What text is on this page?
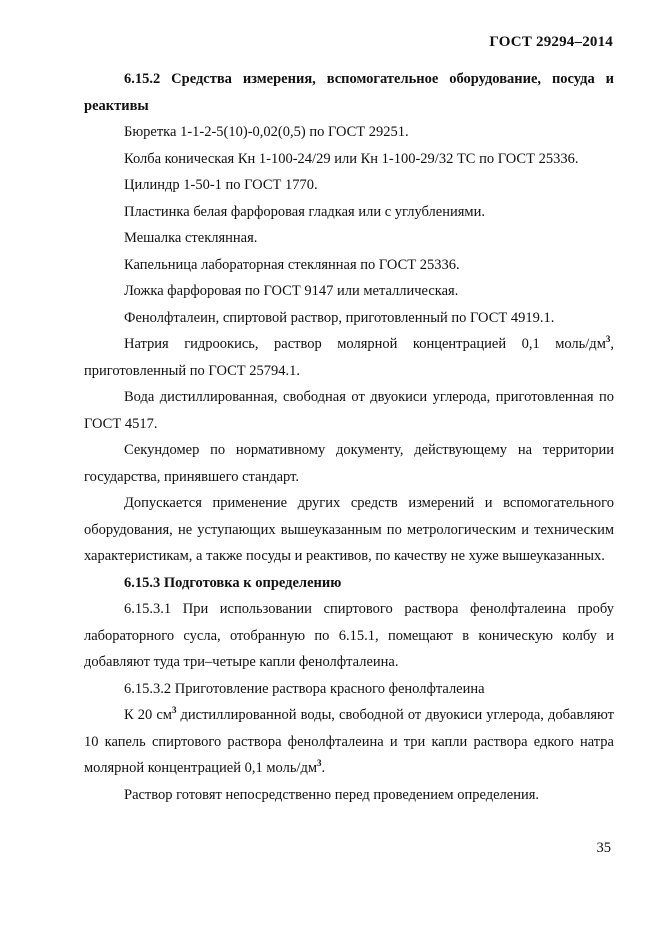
ГОСТ 29294–2014

6.15.2 Средства измерения, вспомогательное оборудование, посуда и реактивы

Бюретка 1-1-2-5(10)-0,02(0,5) по ГОСТ 29251.

Колба коническая Кн 1-100-24/29 или Кн 1-100-29/32 ТС по ГОСТ 25336.

Цилиндр 1-50-1 по ГОСТ 1770.

Пластинка белая фарфоровая гладкая или с углублениями.

Мешалка стеклянная.

Капельница лабораторная стеклянная по ГОСТ 25336.

Ложка фарфоровая по ГОСТ 9147 или металлическая.

Фенолфталеин, спиртовой раствор, приготовленный по ГОСТ 4919.1.

Натрия гидроокись, раствор молярной концентрацией 0,1 моль/$дм^3$, приготовленный по ГОСТ 25794.1.

Вода дистиллированная, свободная от двуокиси углерода, приготовленная по ГОСТ 4517.

Секундомер по нормативному документу, действующему на территории государства, принявшего стандарт.

Допускается применение других средств измерений и вспомогательного оборудования, не уступающих вышеуказанным по метрологическим и техническим характеристикам, а также посуды и реактивов, по качеству не хуже вышеуказанных.

6.15.3 Подготовка к определению

6.15.3.1 При использовании спиртового раствора фенолфталеина пробу лабораторного сусла, отобранную по 6.15.1, помещают в коническую колбу и добавляют туда три–четыре капли фенолфталеина.

6.15.3.2 Приготовление раствора красного фенолфталеина

К 20 $см^3$ дистиллированной воды, свободной от двуокиси углерода, добавляют 10 капель спиртового раствора фенолфталеина и три капли раствора едкого натра молярной концентрацией 0,1 моль/$дм^3$.

Раствор готовят непосредственно перед проведением определения.

35
